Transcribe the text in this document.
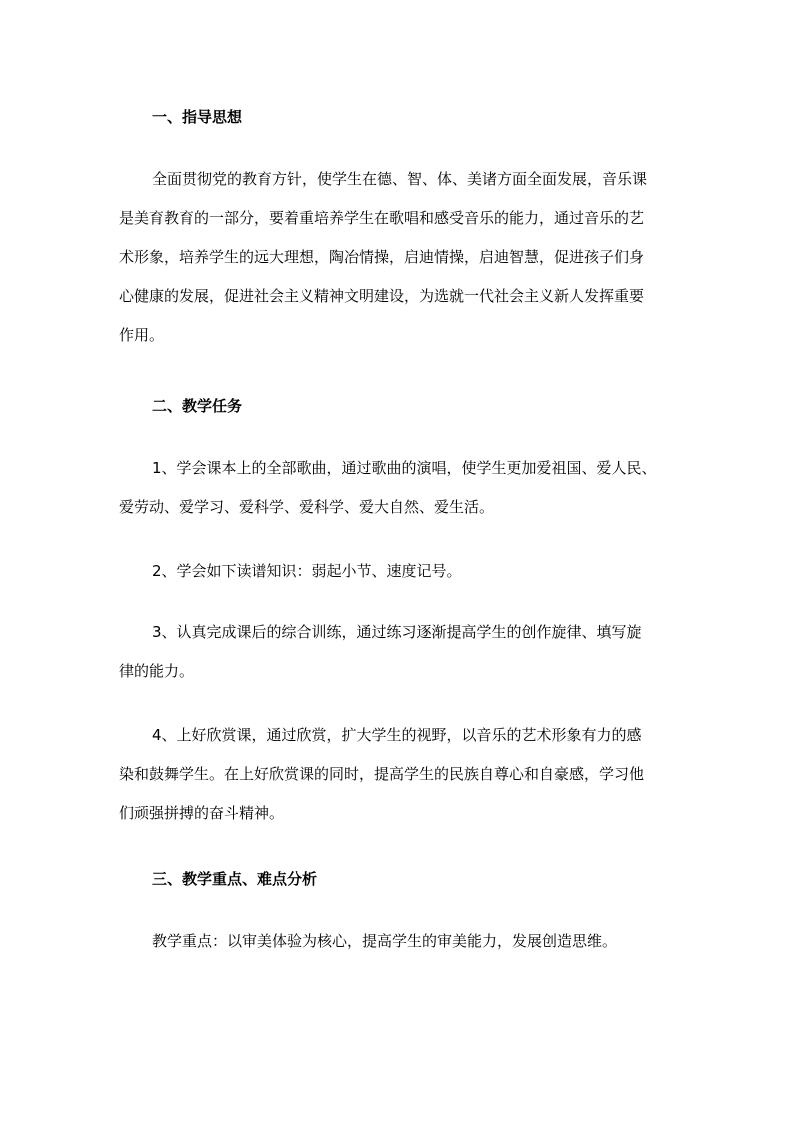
一、指导思想
全面贯彻党的教育方针，使学生在德、智、体、美诸方面全面发展，音乐课
是美育教育的一部分，要着重培养学生在歌唱和感受音乐的能力，通过音乐的艺
术形象，培养学生的远大理想，陶冶情操，启迪情操，启迪智慧，促进孩子们身
心健康的发展，促进社会主义精神文明建设，为选就一代社会主义新人发挥重要
作用。
二、教学任务
1、学会课本上的全部歌曲，通过歌曲的演唱，使学生更加爱祖国、爱人民、
爱劳动、爱学习、爱科学、爱科学、爱大自然、爱生活。
2、学会如下读谱知识：弱起小节、速度记号。
3、认真完成课后的综合训练，通过练习逐渐提高学生的创作旋律、填写旋
律的能力。
4、上好欣赏课，通过欣赏，扩大学生的视野，以音乐的艺术形象有力的感
染和鼓舞学生。在上好欣赏课的同时，提高学生的民族自尊心和自豪感，学习他
们顽强拼搏的奋斗精神。
三、教学重点、难点分析
教学重点：以审美体验为核心，提高学生的审美能力，发展创造思维。
